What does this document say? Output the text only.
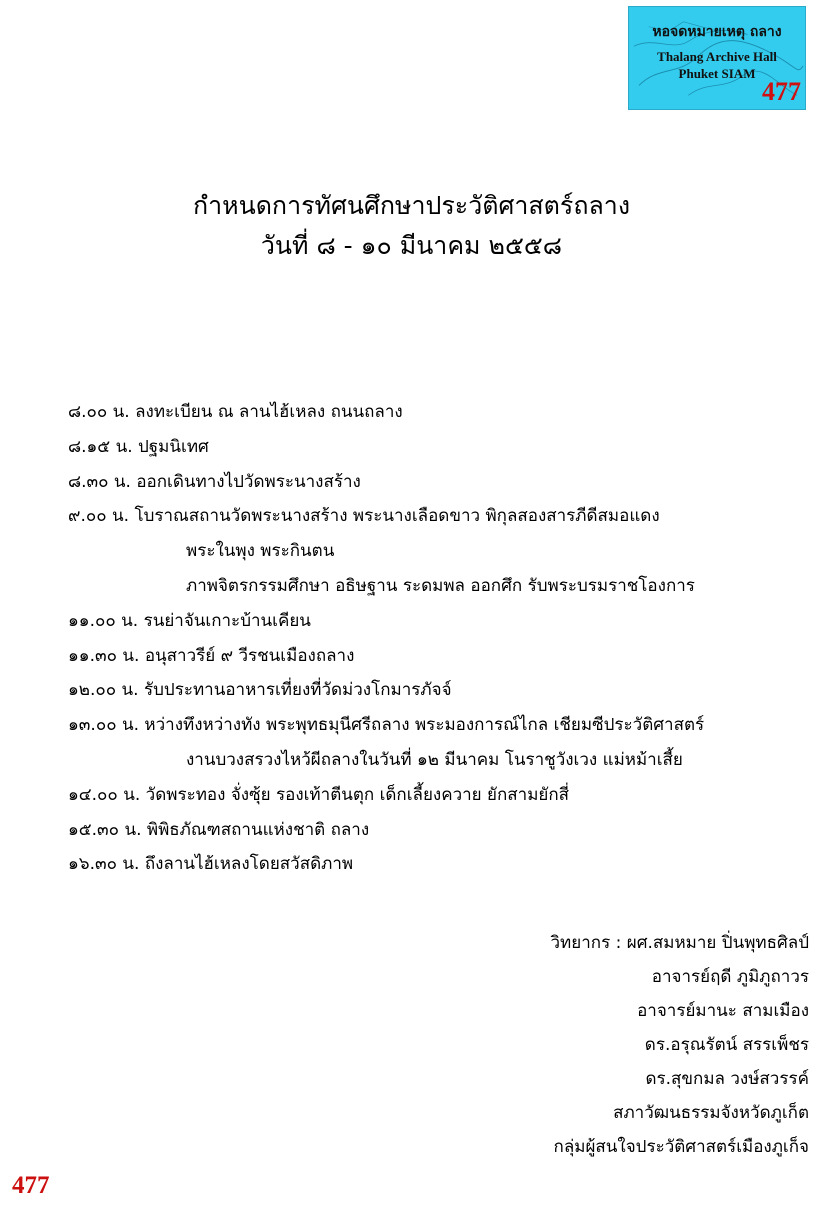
หอจดหมายเหตุ ถลาง
Thalang Archive Hall
Phuket SIAM
477
กำหนดการทัศนศึกษาประวัติศาสตร์ถลาง
วันที่ ๘ - ๑๐ มีนาคม ๒๕๕๘
๘.๐๐ น. ลงทะเบียน ณ ลานไฮ้เหลง ถนนถลาง
๘.๑๕ น. ปฐมนิเทศ
๘.๓๐ น. ออกเดินทางไปวัดพระนางสร้าง
๙.๐๐ น. โบราณสถานวัดพระนางสร้าง พระนางเลือดขาว พิกุลสองสารภีดีสมอแดง
พระในพุง พระกินตน
ภาพจิตรกรรมศึกษา อธิษฐาน ระดมพล ออกศึก รับพระบรมราชโองการ
๑๑.๐๐ น. รนย่าจันเกาะบ้านเคียน
๑๑.๓๐ น. อนุสาวรีย์ ๙ วีรชนเมืองถลาง
๑๒.๐๐ น. รับประทานอาหารเที่ยงที่วัดม่วงโกมารภัจจ์
๑๓.๐๐ น. หว่างทึงหว่างทัง พระพุทธมุนีศรีถลาง พระมองการณ์ไกล เชียมซีประวัติศาสตร์
งานบวงสรวงไหว้ผีถลางในวันที่ ๑๒ มีนาคม โนราชูวังเวง แม่หม้าเสี้ย
๑๔.๐๐ น. วัดพระทอง จั่งซุ้ย รองเท้าตีนตุก เด็กเลี้ยงควาย ยักสามยักสี่
๑๕.๓๐ น. พิพิธภัณฑสถานแห่งชาติ ถลาง
๑๖.๓๐ น. ถึงลานไฮ้เหลงโดยสวัสดิภาพ
วิทยากร : ผศ.สมหมาย ปิ่นพุทธศิลป์
อาจารย์ฤดี ภูมิภูถาวร
อาจารย์มานะ สามเมือง
ดร.อรุณรัตน์ สรรเพ็ชร
ดร.สุขกมล วงษ์สวรรค์
สภาวัฒนธรรมจังหวัดภูเก็ต
กลุ่มผู้สนใจประวัติศาสตร์เมืองภูเก็จ
477
